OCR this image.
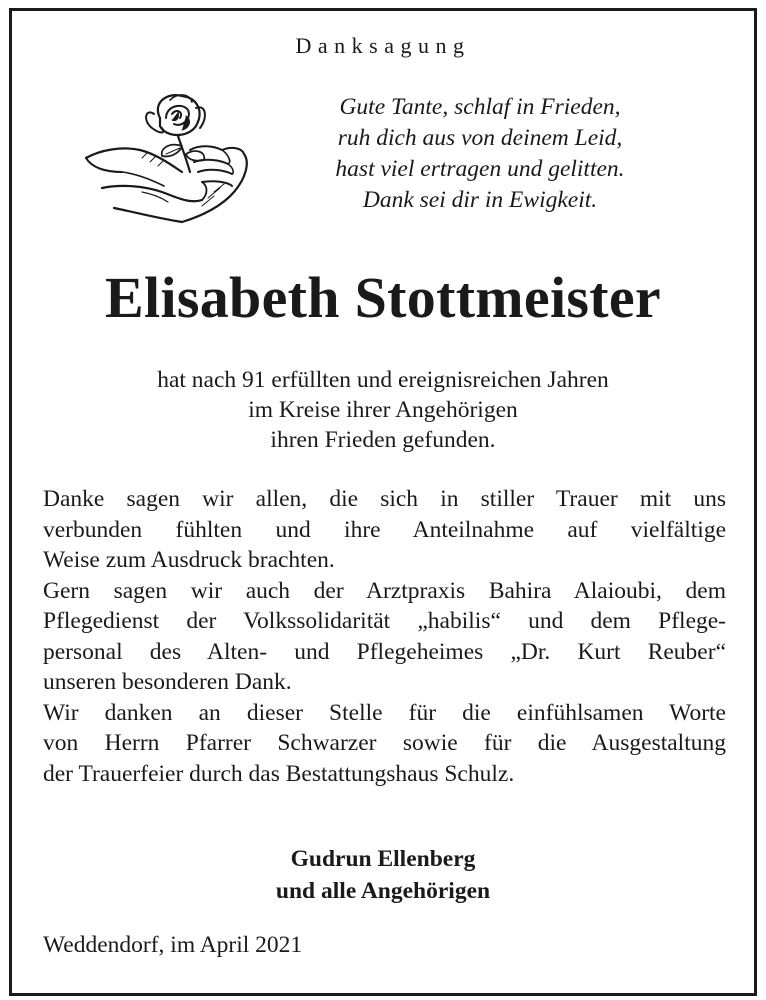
Danksagung
Gute Tante, schlaf in Frieden,
ruh dich aus von deinem Leid,
hast viel ertragen und gelitten.
Dank sei dir in Ewigkeit.
Elisabeth Stottmeister
hat nach 91 erfüllten und ereignisreichen Jahren
im Kreise ihrer Angehörigen
ihren Frieden gefunden.
Danke sagen wir allen, die sich in stiller Trauer mit uns
verbunden fühlten und ihre Anteilnahme auf vielfältige
Weise zum Ausdruck brachten.
Gern sagen wir auch der Arztpraxis Bahira Alaioubi, dem
Pflegedienst der Volkssolidarität „habilis“ und dem Pflege-
personal des Alten- und Pflegeheimes „Dr. Kurt Reuber“
unseren besonderen Dank.
Wir danken an dieser Stelle für die einfühlsamen Worte
von Herrn Pfarrer Schwarzer sowie für die Ausgestaltung
der Trauerfeier durch das Bestattungshaus Schulz.
Gudrun Ellenberg
und alle Angehörigen
Weddendorf, im April 2021
